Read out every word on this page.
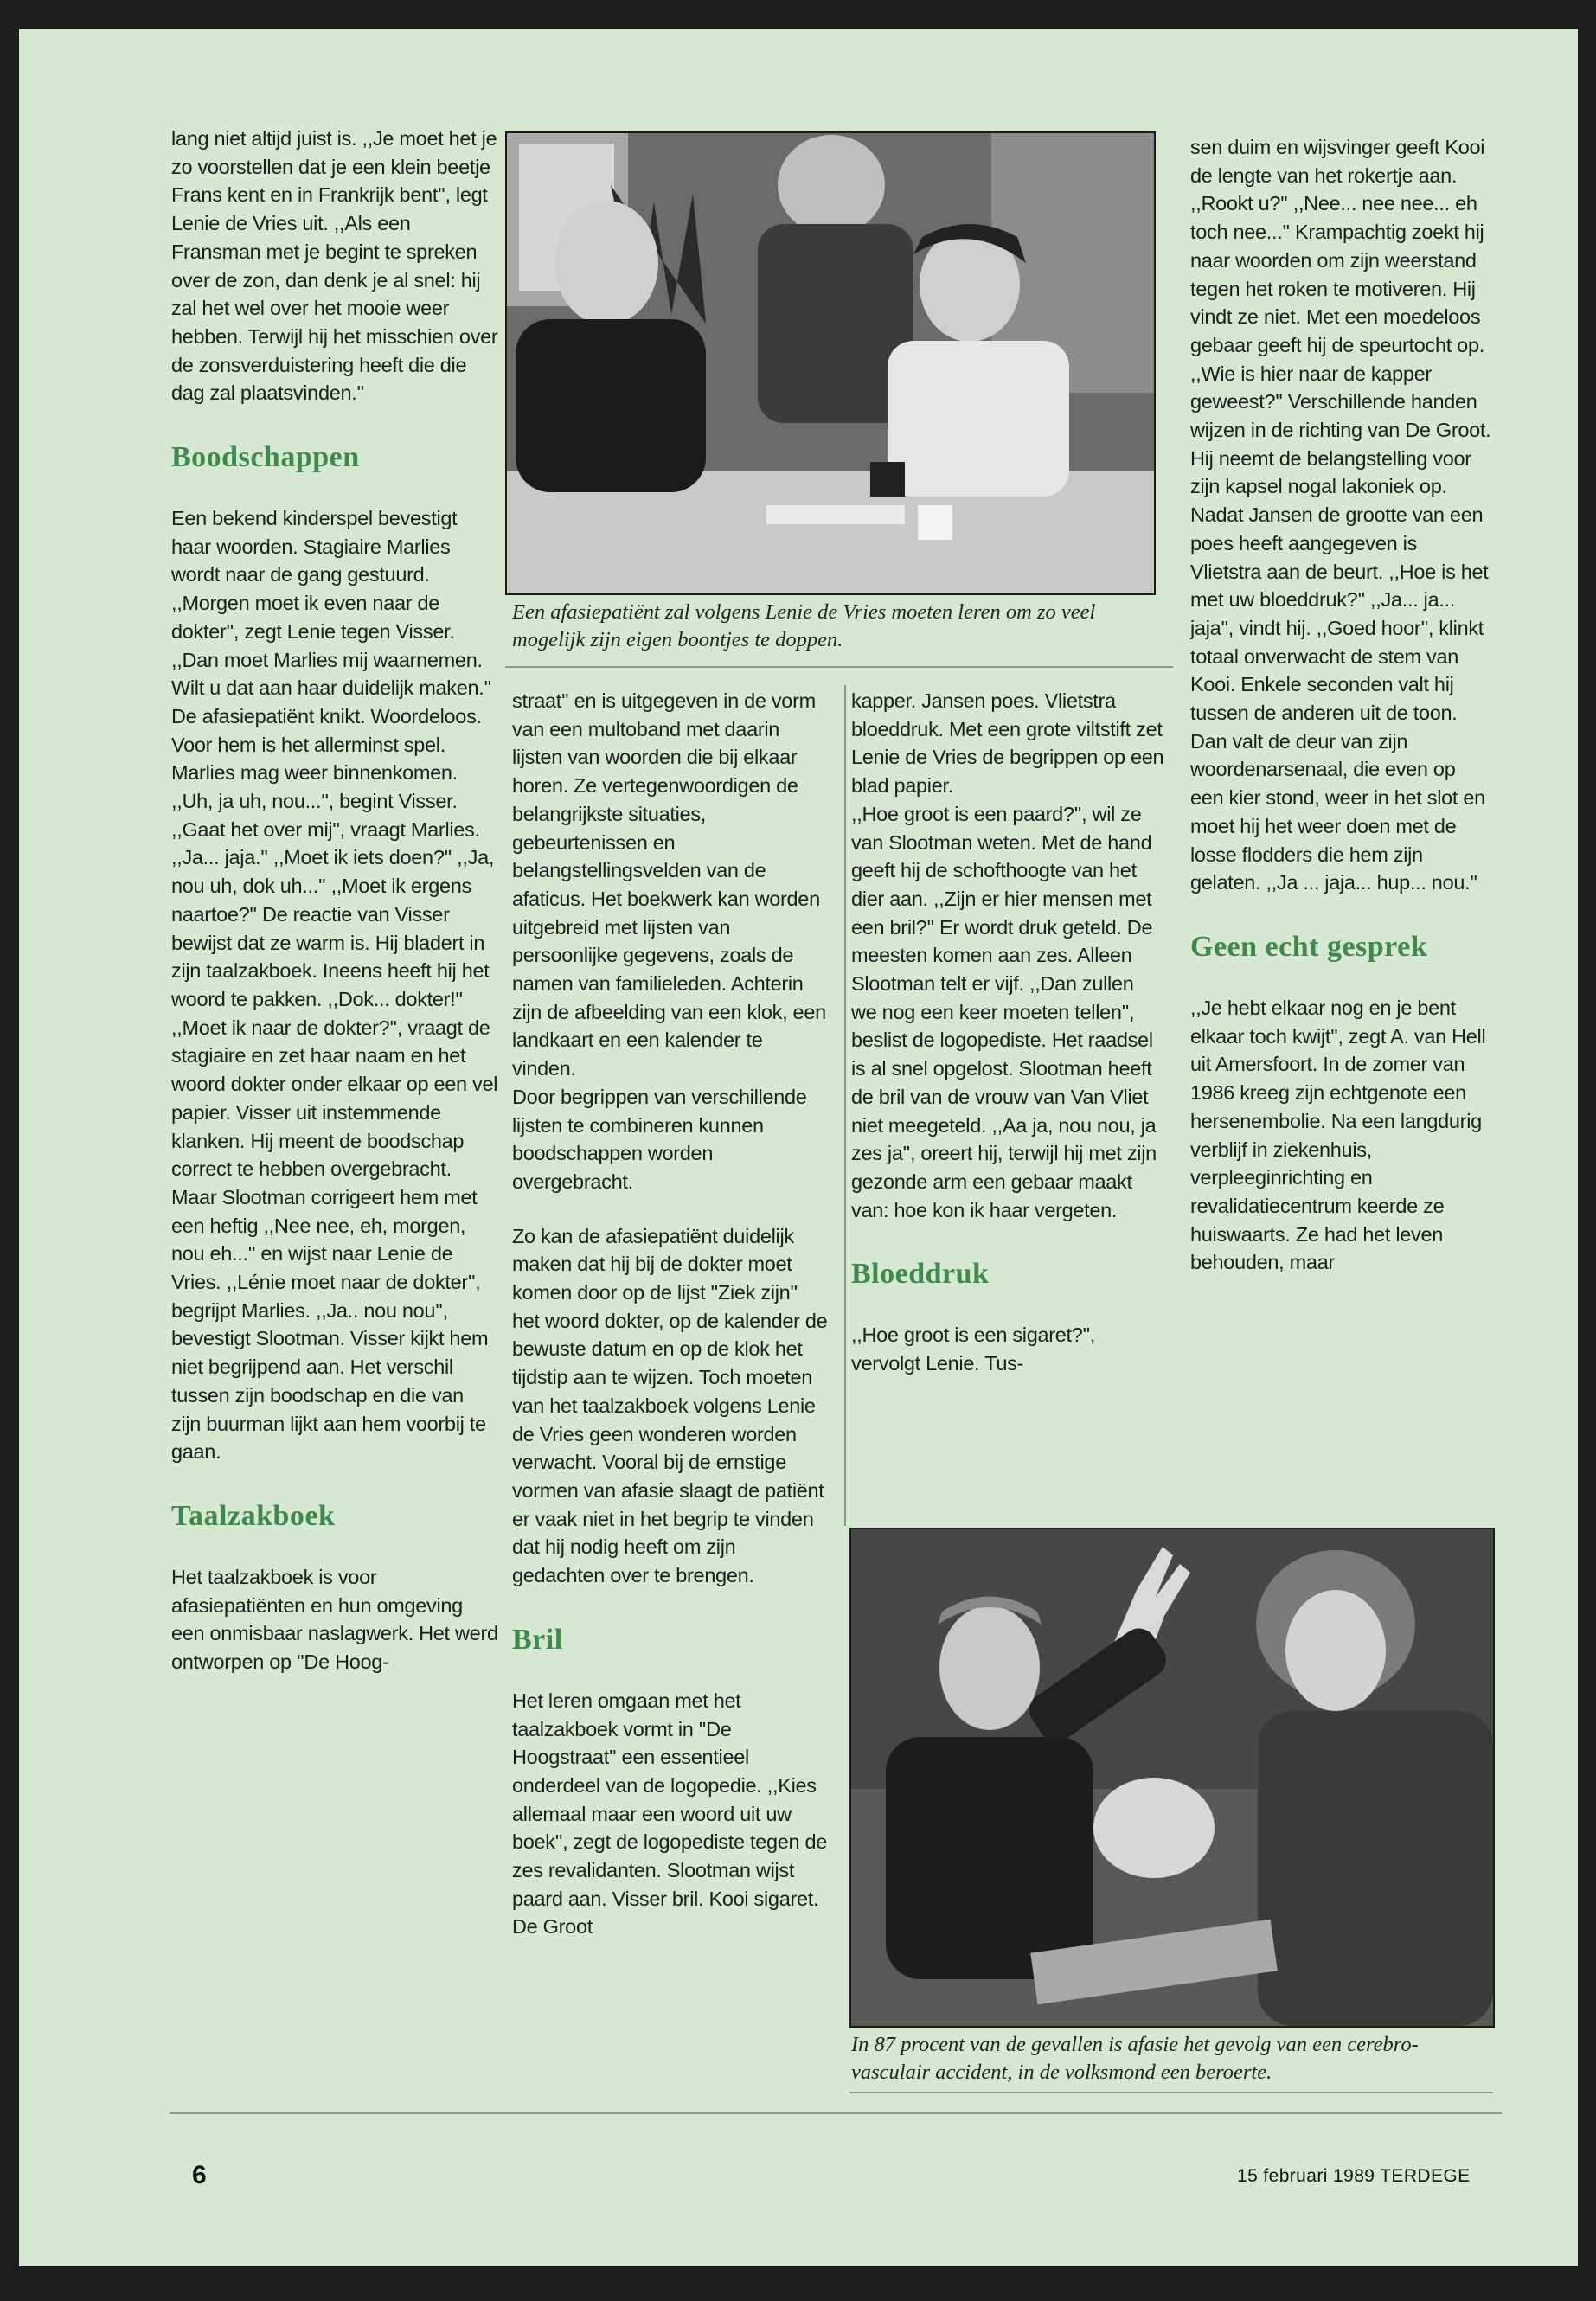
lang niet altijd juist is. ,,Je moet het je zo voorstellen dat je een klein beetje Frans kent en in Frankrijk bent'', legt Lenie de Vries uit. ,,Als een Fransman met je begint te spreken over de zon, dan denk je al snel: hij zal het wel over het mooie weer hebben. Terwijl hij het misschien over de zonsverduistering heeft die die dag zal plaatsvinden.''

Boodschappen

Een bekend kinderspel bevestigt haar woorden. Stagiaire Marlies wordt naar de gang gestuurd. ,,Morgen moet ik even naar de dokter'', zegt Lenie tegen Visser. ,,Dan moet Marlies mij waarnemen. Wilt u dat aan haar duidelijk maken.'' De afasiepatiënt knikt. Woordeloos. Voor hem is het allerminst spel.

Marlies mag weer binnenkomen. ,,Uh, ja uh, nou...'', begint Visser.

,,Gaat het over mij'', vraagt Marlies. ,,Ja... jaja.'' ,,Moet ik iets doen?'' ,,Ja, nou uh, dok uh...'' ,,Moet ik ergens naartoe?'' De reactie van Visser bewijst dat ze warm is. Hij bladert in zijn taalzakboek. Ineens heeft hij het woord te pakken. ,,Dok... dokter!''

,,Moet ik naar de dokter?'', vraagt de stagiaire en zet haar naam en het woord dokter onder elkaar op een vel papier. Visser uit instemmende klanken. Hij meent de boodschap correct te hebben overgebracht. Maar Slootman corrigeert hem met een heftig ,,Nee nee, eh, morgen, nou eh...'' en wijst naar Lenie de Vries. ,,Lénie moet naar de dokter'', begrijpt Marlies. ,,Ja.. nou nou'', bevestigt Slootman. Visser kijkt hem niet begrijpend aan. Het verschil tussen zijn boodschap en die van zijn buurman lijkt aan hem voorbij te gaan.

Taalzakboek

Het taalzakboek is voor afasiepatiënten en hun omgeving een onmisbaar naslagwerk. Het werd ontworpen op ''De Hoog-

Een afasiepatiënt zal volgens Lenie de Vries moeten leren om zo veel mogelijk zijn eigen boontjes te doppen.

straat'' en is uitgegeven in de vorm van een multoband met daarin lijsten van woorden die bij elkaar horen. Ze vertegenwoordigen de belangrijkste situaties, gebeurtenissen en belangstellingsvelden van de afaticus. Het boekwerk kan worden uitgebreid met lijsten van persoonlijke gegevens, zoals de namen van familieleden. Achterin zijn de afbeelding van een klok, een landkaart en een kalender te vinden.

Door begrippen van verschillende lijsten te combineren kunnen boodschappen worden overgebracht.

Zo kan de afasiepatiënt duidelijk maken dat hij bij de dokter moet komen door op de lijst ''Ziek zijn'' het woord dokter, op de kalender de bewuste datum en op de klok het tijdstip aan te wijzen. Toch moeten van het taalzakboek volgens Lenie de Vries geen wonderen worden verwacht. Vooral bij de ernstige vormen van afasie slaagt de patiënt er vaak niet in het begrip te vinden dat hij nodig heeft om zijn gedachten over te brengen.

Bril

Het leren omgaan met het taalzakboek vormt in ''De Hoogstraat'' een essentieel onderdeel van de logopedie. ,,Kies allemaal maar een woord uit uw boek'', zegt de logopediste tegen de zes revalidanten. Slootman wijst paard aan. Visser bril. Kooi sigaret. De Groot

kapper. Jansen poes. Vlietstra bloeddruk. Met een grote viltstift zet Lenie de Vries de begrippen op een blad papier.

,,Hoe groot is een paard?'', wil ze van Slootman weten. Met de hand geeft hij de schofthoogte van het dier aan. ,,Zijn er hier mensen met een bril?'' Er wordt druk geteld. De meesten komen aan zes. Alleen Slootman telt er vijf. ,,Dan zullen we nog een keer moeten tellen'', beslist de logopediste. Het raadsel is al snel opgelost. Slootman heeft de bril van de vrouw van Van Vliet niet meegeteld. ,,Aa ja, nou nou, ja zes ja'', oreert hij, terwijl hij met zijn gezonde arm een gebaar maakt van: hoe kon ik haar vergeten.

Bloeddruk

,,Hoe groot is een sigaret?'', vervolgt Lenie. Tus-

sen duim en wijsvinger geeft Kooi de lengte van het rokertje aan. ,,Rookt u?'' ,,Nee... nee nee... eh toch nee...'' Krampachtig zoekt hij naar woorden om zijn weerstand tegen het roken te motiveren. Hij vindt ze niet. Met een moedeloos gebaar geeft hij de speurtocht op. ,,Wie is hier naar de kapper geweest?'' Verschillende handen wijzen in de richting van De Groot. Hij neemt de belangstelling voor zijn kapsel nogal lakoniek op.

Nadat Jansen de grootte van een poes heeft aangegeven is Vlietstra aan de beurt. ,,Hoe is het met uw bloeddruk?'' ,,Ja... ja... jaja'', vindt hij. ,,Goed hoor'', klinkt totaal onverwacht de stem van Kooi. Enkele seconden valt hij tussen de anderen uit de toon. Dan valt de deur van zijn woordenarsenaal, die even op een kier stond, weer in het slot en moet hij het weer doen met de losse flodders die hem zijn gelaten. ,,Ja ... jaja... hup... nou.''

Geen echt gesprek

,,Je hebt elkaar nog en je bent elkaar toch kwijt'', zegt A. van Hell uit Amersfoort. In de zomer van 1986 kreeg zijn echtgenote een hersenembolie. Na een langdurig verblijf in ziekenhuis, verpleeginrichting en revalidatiecentrum keerde ze huiswaarts. Ze had het leven behouden, maar

In 87 procent van de gevallen is afasie het gevolg van een cerebro-vasculair accident, in de volksmond een beroerte.
6	15 februari 1989 TERDEGE
